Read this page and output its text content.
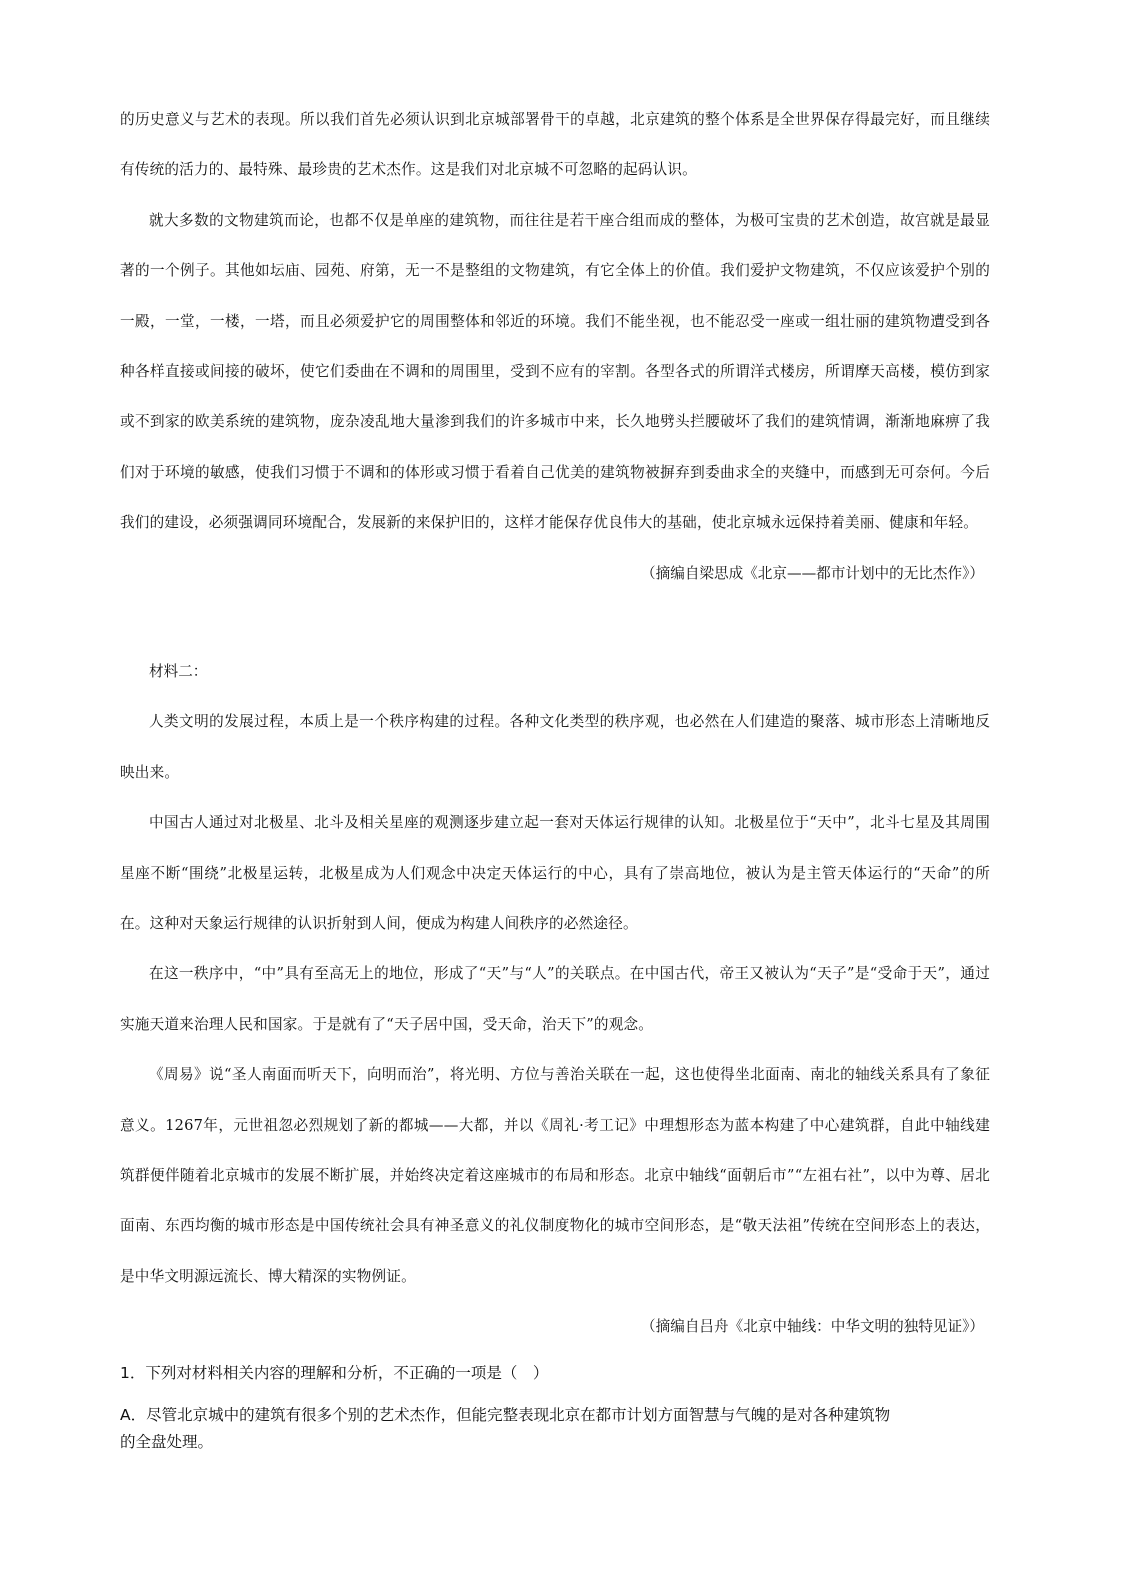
的历史意义与艺术的表现。所以我们首先必须认识到北京城部署骨干的卓越，北京建筑的整个体系是全世界保存得最完好，而且继续有传统的活力的、最特殊、最珍贵的艺术杰作。这是我们对北京城不可忽略的起码认识。

就大多数的文物建筑而论，也都不仅是单座的建筑物，而往往是若干座合组而成的整体，为极可宝贵的艺术创造，故宫就是最显著的一个例子。其他如坛庙、园苑、府第，无一不是整组的文物建筑，有它全体上的价值。我们爱护文物建筑，不仅应该爱护个别的一殿，一堂，一楼，一塔，而且必须爱护它的周围整体和邻近的环境。我们不能坐视，也不能忍受一座或一组壮丽的建筑物遭受到各种各样直接或间接的破坏，使它们委曲在不调和的周围里，受到不应有的宰割。各型各式的所谓洋式楼房，所谓摩天高楼，模仿到家或不到家的欧美系统的建筑物，庞杂凌乱地大量渗到我们的许多城市中来，长久地劈头拦腰破坏了我们的建筑情调，渐渐地麻痹了我们对于环境的敏感，使我们习惯于不调和的体形或习惯于看着自己优美的建筑物被摒弃到委曲求全的夹缝中，而感到无可奈何。今后我们的建设，必须强调同环境配合，发展新的来保护旧的，这样才能保存优良伟大的基础，使北京城永远保持着美丽、健康和年轻。

（摘编自梁思成《北京——都市计划中的无比杰作》）

材料二：

人类文明的发展过程，本质上是一个秩序构建的过程。各种文化类型的秩序观，也必然在人们建造的聚落、城市形态上清晰地反映出来。

中国古人通过对北极星、北斗及相关星座的观测逐步建立起一套对天体运行规律的认知。北极星位于“天中”，北斗七星及其周围星座不断“围绕”北极星运转，北极星成为人们观念中决定天体运行的中心，具有了崇高地位，被认为是主管天体运行的“天命”的所在。这种对天象运行规律的认识折射到人间，便成为构建人间秩序的必然途径。

在这一秩序中，“中”具有至高无上的地位，形成了“天”与“人”的关联点。在中国古代，帝王又被认为“天子”是“受命于天”，通过实施天道来治理人民和国家。于是就有了“天子居中国，受天命，治天下”的观念。

《周易》说“圣人南面而听天下，向明而治”，将光明、方位与善治关联在一起，这也使得坐北面南、南北的轴线关系具有了象征意义。1267年，元世祖忽必烈规划了新的都城——大都，并以《周礼·考工记》中理想形态为蓝本构建了中心建筑群，自此中轴线建筑群便伴随着北京城市的发展不断扩展，并始终决定着这座城市的布局和形态。北京中轴线“面朝后市”“左祖右社”，以中为尊、居北面南、东西均衡的城市形态是中国传统社会具有神圣意义的礼仪制度物化的城市空间形态，是“敬天法祖”传统在空间形态上的表达，是中华文明源远流长、博大精深的实物例证。

（摘编自吕舟《北京中轴线：中华文明的独特见证》）

1．下列对材料相关内容的理解和分析，不正确的一项是（　）

A．尽管北京城中的建筑有很多个别的艺术杰作，但能完整表现北京在都市计划方面智慧与气魄的是对各种建筑物的全盘处理。
